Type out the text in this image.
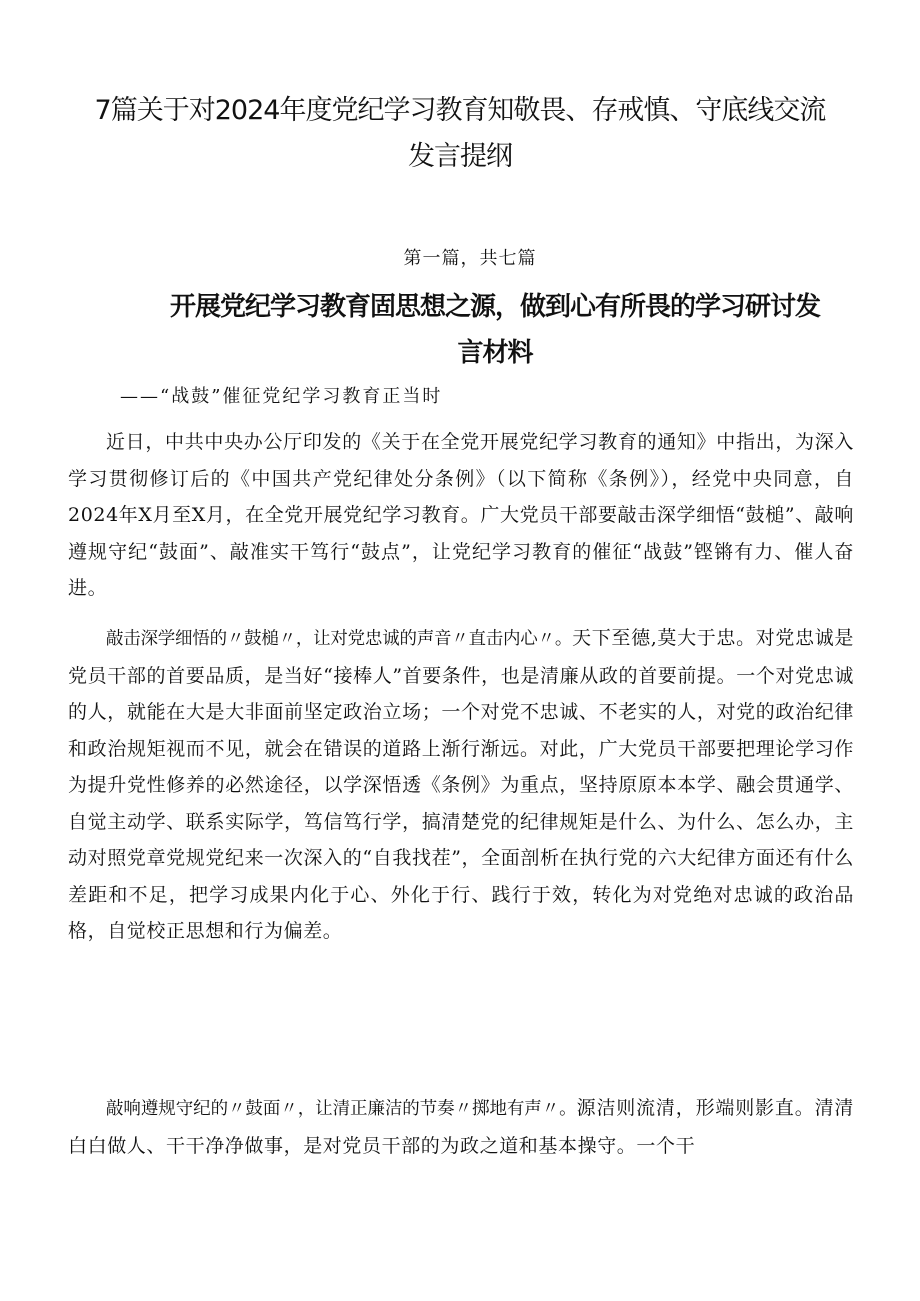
7篇关于对2024年度党纪学习教育知敬畏、存戒慎、守底线交流
发言提纲
第一篇，共七篇
开展党纪学习教育固思想之源，做到心有所畏的学习研讨发
言材料
——“战鼓”催征党纪学习教育正当时

近日，中共中央办公厅印发的《关于在全党开展党纪学习教育的通知》中指出，为深入学习贯彻修订后的《中国共产党纪律处分条例》（以下简称《条例》），经党中央同意，自2024年X月至X月，在全党开展党纪学习教育。广大党员干部要敲击深学细悟“鼓槌”、敲响遵规守纪“鼓面”、敲准实干笃行“鼓点”，让党纪学习教育的催征“战鼓”铿锵有力、催人奋进。

敲击深学细悟的〃鼓槌〃，让对党忠诚的声音〃直击内心〃。天下至德,莫大于忠。对党忠诚是党员干部的首要品质，是当好“接棒人”首要条件，也是清廉从政的首要前提。一个对党忠诚的人，就能在大是大非面前坚定政治立场；一个对党不忠诚、不老实的人，对党的政治纪律和政治规矩视而不见，就会在错误的道路上渐行渐远。对此，广大党员干部要把理论学习作为提升党性修养的必然途径，以学深悟透《条例》为重点，坚持原原本本学、融会贯通学、自觉主动学、联系实际学，笃信笃行学，搞清楚党的纪律规矩是什么、为什么、怎么办，主动对照党章党规党纪来一次深入的“自我找茬”，全面剖析在执行党的六大纪律方面还有什么差距和不足，把学习成果内化于心、外化于行、践行于效，转化为对党绝对忠诚的政治品格，自觉校正思想和行为偏差。

敲响遵规守纪的〃鼓面〃，让清正廉洁的节奏〃掷地有声〃。源洁则流清，形端则影直。清清白白做人、干干净净做事，是对党员干部的为政之道和基本操守。一个干
